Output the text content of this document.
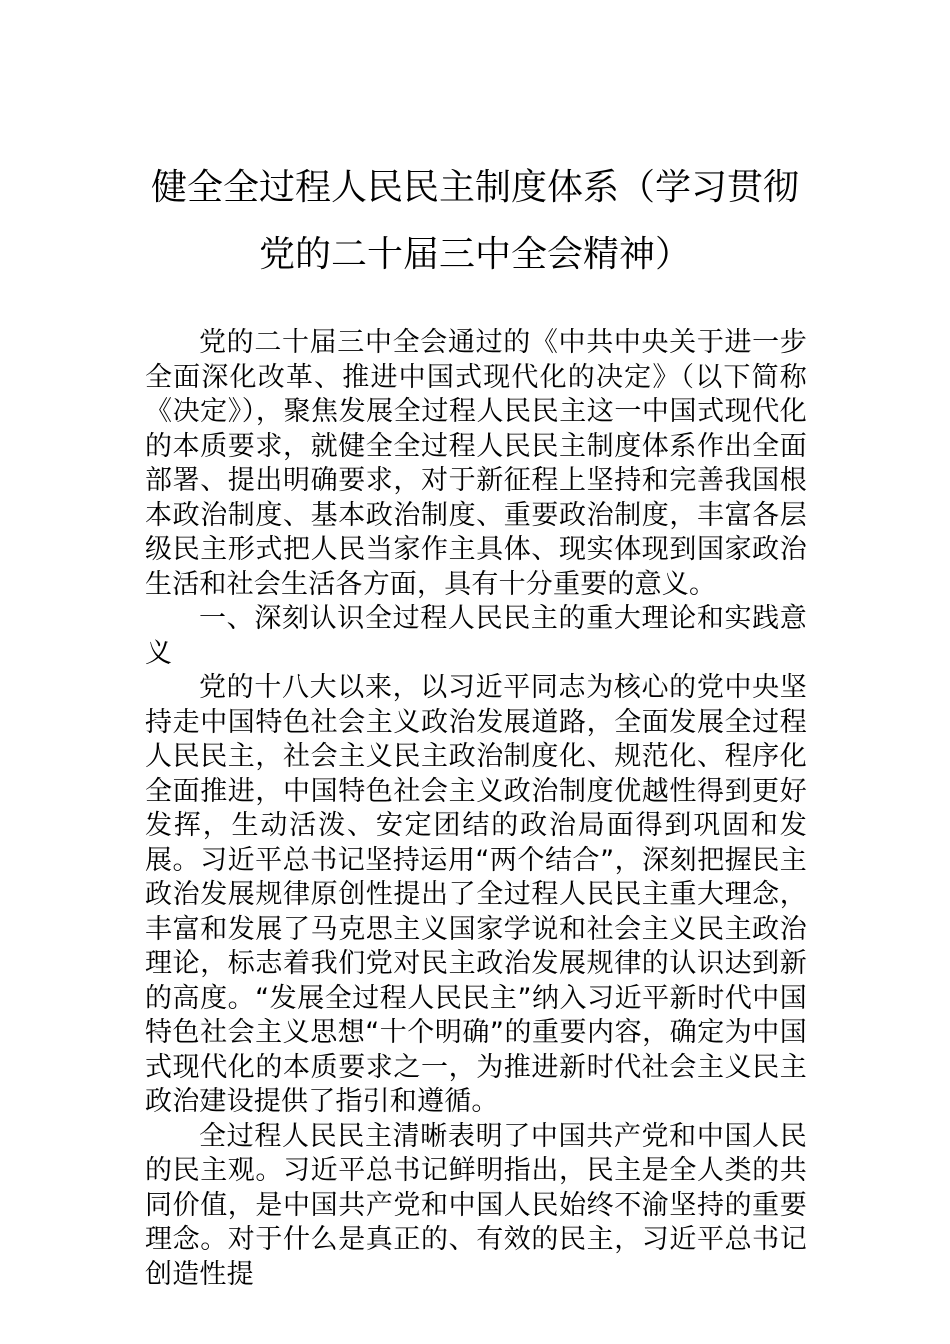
健全全过程人民民主制度体系（学习贯彻
党的二十届三中全会精神）

党的二十届三中全会通过的《中共中央关于进一步全面深化改革、推进中国式现代化的决定》（以下简称《决定》），聚焦发展全过程人民民主这一中国式现代化的本质要求，就健全全过程人民民主制度体系作出全面部署、提出明确要求，对于新征程上坚持和完善我国根本政治制度、基本政治制度、重要政治制度，丰富各层级民主形式把人民当家作主具体、现实体现到国家政治生活和社会生活各方面，具有十分重要的意义。

一、深刻认识全过程人民民主的重大理论和实践意义

党的十八大以来，以习近平同志为核心的党中央坚持走中国特色社会主义政治发展道路，全面发展全过程人民民主，社会主义民主政治制度化、规范化、程序化全面推进，中国特色社会主义政治制度优越性得到更好发挥，生动活泼、安定团结的政治局面得到巩固和发展。习近平总书记坚持运用“两个结合”，深刻把握民主政治发展规律原创性提出了全过程人民民主重大理念，丰富和发展了马克思主义国家学说和社会主义民主政治理论，标志着我们党对民主政治发展规律的认识达到新的高度。“发展全过程人民民主”纳入习近平新时代中国特色社会主义思想“十个明确”的重要内容，确定为中国式现代化的本质要求之一，为推进新时代社会主义民主政治建设提供了指引和遵循。

全过程人民民主清晰表明了中国共产党和中国人民的民主观。习近平总书记鲜明指出，民主是全人类的共同价值，是中国共产党和中国人民始终不渝坚持的重要理念。对于什么是真正的、有效的民主，习近平总书记创造性提
